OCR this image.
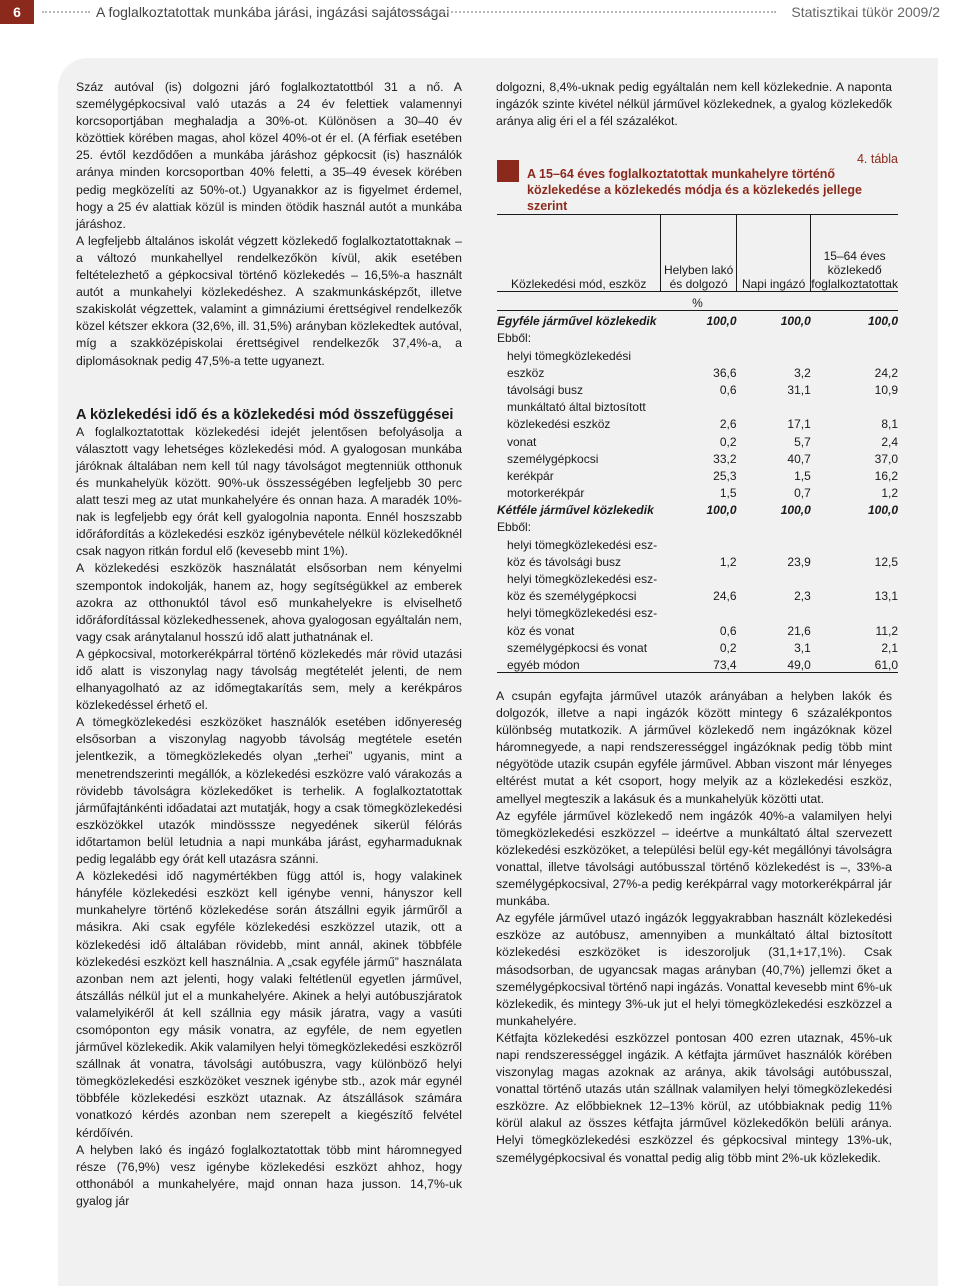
6	A foglalkoztatottak munkába járási, ingázási sajátosságai	Statisztikai tükör 2009/2

Száz autóval (is) dolgozni járó foglalkoztatottból 31 a nő. A személygépkocsival való utazás a 24 év felettiek valamennyi korcsoportjában meghaladja a 30%-ot. Különösen a 30–40 év közöttiek körében magas, ahol közel 40%-ot ér el. (A férfiak esetében 25. évtől kezdődően a munkába járáshoz gépkocsit (is) használók aránya minden korcsoportban 40% feletti, a 35–49 évesek körében pedig megközelíti az 50%-ot.) Ugyanakkor az is figyelmet érdemel, hogy a 25 év alattiak közül is minden ötödik használ autót a munkába járáshoz.

A legfeljebb általános iskolát végzett közlekedő foglalkoztatottaknak – a változó munkahellyel rendelkezőkön kívül, akik esetében feltételezhető a gépkocsival történő közlekedés – 16,5%-a használt autót a munkahelyi közlekedéshez. A szakmunkásképzőt, illetve szakiskolát végzettek, valamint a gimnáziumi érettségivel rendelkezők közel kétszer ekkora (32,6%, ill. 31,5%) arányban közlekedtek autóval, míg a szakközépiskolai érettségivel rendelkezők 37,4%-a, a diplomásoknak pedig 47,5%-a tette ugyanezt.

A közlekedési idő és a közlekedési mód összefüggései

A foglalkoztatottak közlekedési idejét jelentősen befolyásolja a választott vagy lehetséges közlekedési mód. A gyalogosan munkába járóknak általában nem kell túl nagy távolságot megtenniük otthonuk és munkahelyük között. 90%-uk összességében legfeljebb 30 perc alatt teszi meg az utat munkahelyére és onnan haza. A maradék 10%-nak is legfeljebb egy órát kell gyalogolnia naponta. Ennél hoszszabb időráfordítás a közlekedési eszköz igénybevétele nélkül közlekedőknél csak nagyon ritkán fordul elő (kevesebb mint 1%).

A közlekedési eszközök használatát elsősorban nem kényelmi szempontok indokolják, hanem az, hogy segítségükkel az emberek azokra az otthonuktól távol eső munkahelyekre is elviselhető időráfordítással közlekedhessenek, ahova gyalogosan egyáltalán nem, vagy csak aránytalanul hosszú idő alatt juthatnának el.

A gépkocsival, motorkerékpárral történő közlekedés már rövid utazási idő alatt is viszonylag nagy távolság megtételét jelenti, de nem elhanyagolható az az időmegtakarítás sem, mely a kerékpáros közlekedéssel érhető el.

A tömegközlekedési eszközöket használók esetében időnyereség elsősorban a viszonylag nagyobb távolság megtétele esetén jelentkezik, a tömegközlekedés olyan „terhei” ugyanis, mint a menetrendszerinti megállók, a közlekedési eszközre való várakozás a rövidebb távolságra közlekedőket is terhelik. A foglalkoztatottak járműfajtánkénti időadatai azt mutatják, hogy a csak tömegközlekedési eszközökkel utazók mindösssze negyedének sikerül félórás időtartamon belül letudnia a napi munkába járást, egyharmaduknak pedig legalább egy órát kell utazásra szánni.

A közlekedési idő nagymértékben függ attól is, hogy valakinek hányféle közlekedési eszközt kell igénybe venni, hányszor kell munkahelyre történő közlekedése során átszállni egyik járműről a másikra. Aki csak egyféle közlekedési eszközzel utazik, ott a közlekedési idő általában rövidebb, mint annál, akinek többféle közlekedési eszközt kell használnia. A „csak egyféle jármű” használata azonban nem azt jelenti, hogy valaki feltétlenül egyetlen járművel, átszállás nélkül jut el a munkahelyére. Akinek a helyi autóbuszjáratok valamelyikéről át kell szállnia egy másik járatra, vagy a vasúti csomóponton egy másik vonatra, az egyféle, de nem egyetlen járművel közlekedik. Akik valamilyen helyi tömegközlekedési eszközről szállnak át vonatra, távolsági autóbuszra, vagy különböző helyi tömegközlekedési eszközöket vesznek igénybe stb., azok már egynél többféle közlekedési eszközt utaznak. Az átszállások számára vonatkozó kérdés azonban nem szerepelt a kiegészítő felvétel kérdőívén.

A helyben lakó és ingázó foglalkoztatottak több mint háromnegyed része (76,9%) vesz igénybe közlekedési eszközt ahhoz, hogy otthonából a munkahelyére, majd onnan haza jusson. 14,7%-uk gyalog jár

dolgozni, 8,4%-uknak pedig egyáltalán nem kell közlekednie. A naponta ingázók szinte kivétel nélkül járművel közlekednek, a gyalog közlekedők aránya alig éri el a fél százalékot.

4. tábla
A 15–64 éves foglalkoztatottak munkahelyre történő közlekedése a közlekedés módja és a közlekedés jellege szerint
Közlekedési mód, eszköz	Helyben lakó és dolgozó	Napi ingázó	15–64 éves közlekedő foglalkoztatottak
%			
Egyféle járművel közlekedik	100,0	100,0	100,0
Ebből:			
helyi tömegközlekedési			
eszköz	36,6	3,2	24,2
távolsági busz	0,6	31,1	10,9
munkáltató által biztosított			
közlekedési eszköz	2,6	17,1	8,1
vonat	0,2	5,7	2,4
személygépkocsi	33,2	40,7	37,0
kerékpár	25,3	1,5	16,2
motorkerékpár	1,5	0,7	1,2
Kétféle járművel közlekedik	100,0	100,0	100,0
Ebből:			
helyi tömegközlekedési esz-			
köz és távolsági busz	1,2	23,9	12,5
helyi tömegközlekedési esz-			
köz és személygépkocsi	24,6	2,3	13,1
helyi tömegközlekedési esz-			
köz és vonat	0,6	21,6	11,2
személygépkocsi és vonat	0,2	3,1	2,1
egyéb módon	73,4	49,0	61,0

A csupán egyfajta járművel utazók arányában a helyben lakók és dolgozók, illetve a napi ingázók között mintegy 6 százalékpontos különbség mutatkozik. A járművel közlekedő nem ingázóknak közel háromnegyede, a napi rendszerességgel ingázóknak pedig több mint négyötöde utazik csupán egyféle járművel. Abban viszont már lényeges eltérést mutat a két csoport, hogy melyik az a közlekedési eszköz, amellyel megteszik a lakásuk és a munkahelyük közötti utat.

Az egyféle járművel közlekedő nem ingázók 40%-a valamilyen helyi tömegközlekedési eszközzel – ideértve a munkáltató által szervezett közlekedési eszközöket, a települési belül egy-két megállónyi távolságra vonattal, illetve távolsági autóbusszal történő közlekedést is –, 33%-a személygépkocsival, 27%-a pedig kerékpárral vagy motorkerékpárral jár munkába.

Az egyféle járművel utazó ingázók leggyakrabban használt közlekedési eszköze az autóbusz, amennyiben a munkáltató által biztosított közlekedési eszközöket is ideszoroljuk (31,1+17,1%). Csak másodsorban, de ugyancsak magas arányban (40,7%) jellemzi őket a személygépkocsival történő napi ingázás. Vonattal kevesebb mint 6%-uk közlekedik, és mintegy 3%-uk jut el helyi tömegközlekedési eszközzel a munkahelyére.

Kétfajta közlekedési eszközzel pontosan 400 ezren utaznak, 45%-uk napi rendszerességgel ingázik. A kétfajta járművet használók körében viszonylag magas azoknak az aránya, akik távolsági autóbusszal, vonattal történő utazás után szállnak valamilyen helyi tömegközlekedési eszközre. Az előbbieknek 12–13% körül, az utóbbiaknak pedig 11% körül alakul az összes kétfajta járművel közlekedőkön belüli aránya. Helyi tömegközlekedési eszközzel és gépkocsival mintegy 13%-uk, személygépkocsival és vonattal pedig alig több mint 2%-uk közlekedik.
